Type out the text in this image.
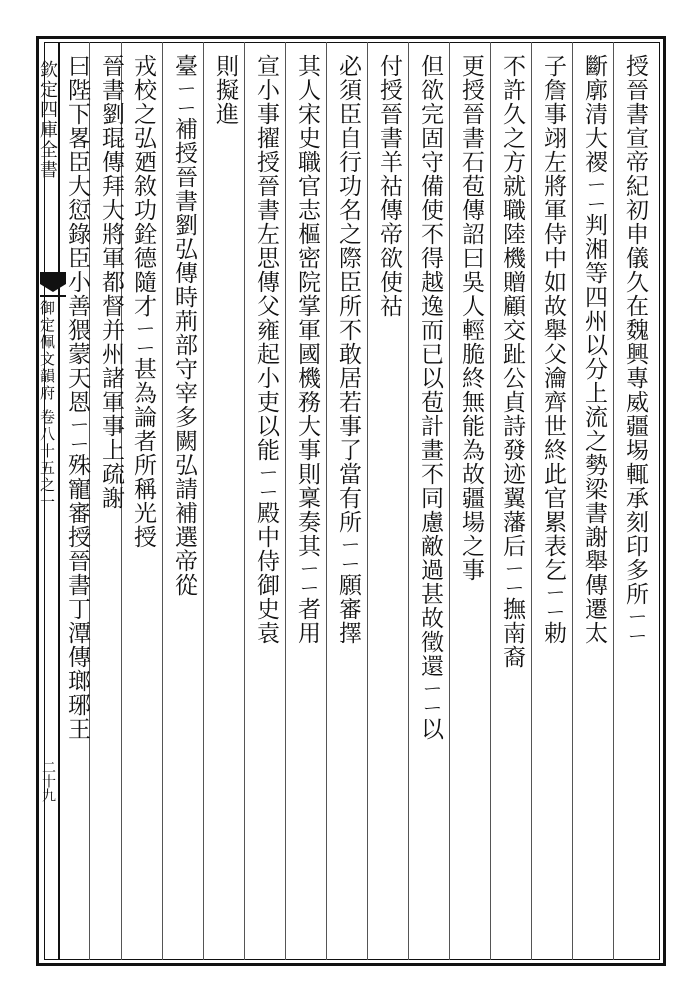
欽定四庫全書
御定佩文韻府 卷八十五之一
二十九
授晉書宣帝紀初申儀久在魏興專威疆埸輒承刻印多所ㄧㄧ
斷廓清大禝ㄧㄧ判湘等四州以分上流之勢梁書謝舉傳遷太
子詹事翊左將軍侍中如故舉父瀹齊世終此官累表乞ㄧㄧ勅
不許久之方就職陸機贈顧交趾公貞詩發迹翼藩后ㄧㄧ撫南裔
更授晉書石苞傳詔曰吳人輕脆終無能為故疆場之事
但欲完固守備使不得越逸而已以苞計畫不同慮敵過甚故徵還ㄧㄧ以
付授晉書羊祜傳帝欲使祜
必須臣自行功名之際臣所不敢居若事了當有所ㄧㄧ願審擇
其人宋史職官志樞密院掌軍國機務大事則稟奏其ㄧㄧ者用
宣小事擢授晉書左思傳父雍起小吏以能ㄧㄧ殿中侍御史袁
則擬進
臺ㄧㄧ補授晉書劉弘傳時荊部守宰多闕弘請補選帝從
戎校之弘廼敘功銓德隨才ㄧㄧ甚為論者所稱光授
晉書劉琨傳拜大將軍都督并州諸軍事上疏謝
曰陛下畧臣大愆錄臣小善猥蒙天恩ㄧㄧ殊寵審授晉書丁潭傳瑯琊王
